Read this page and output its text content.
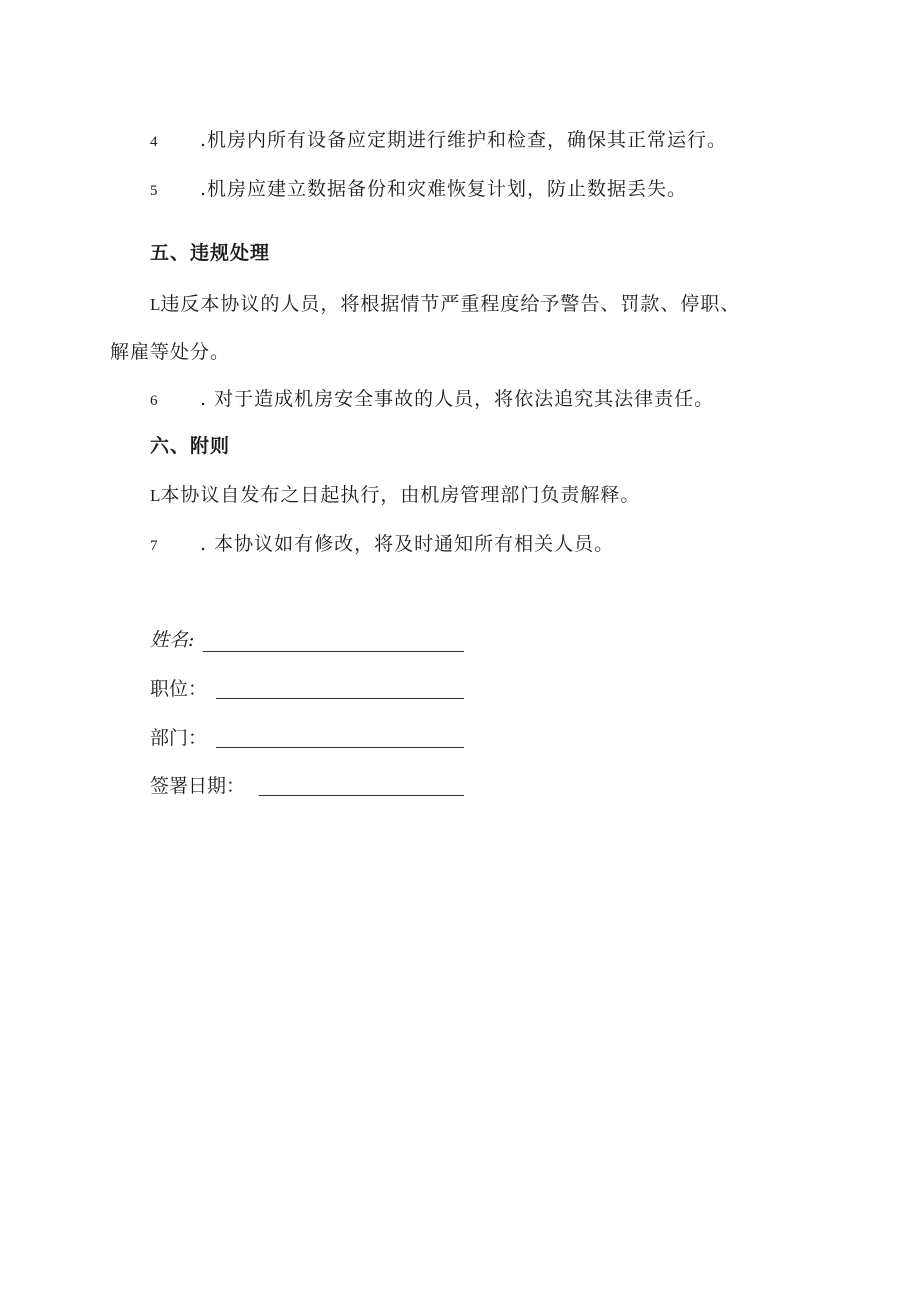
4 .机房内所有设备应定期进行维护和检查，确保其正常运行。
5 .机房应建立数据备份和灾难恢复计划，防止数据丢失。
五、违规处理
L违反本协议的人员，将根据情节严重程度给予警告、罚款、停职、
解雇等处分。
6 . 对于造成机房安全事故的人员，将依法追究其法律责任。
六、附则
L本协议自发布之日起执行，由机房管理部门负责解释。
7 . 本协议如有修改，将及时通知所有相关人员。
姓名:
职位：
部门：
签署日期：
